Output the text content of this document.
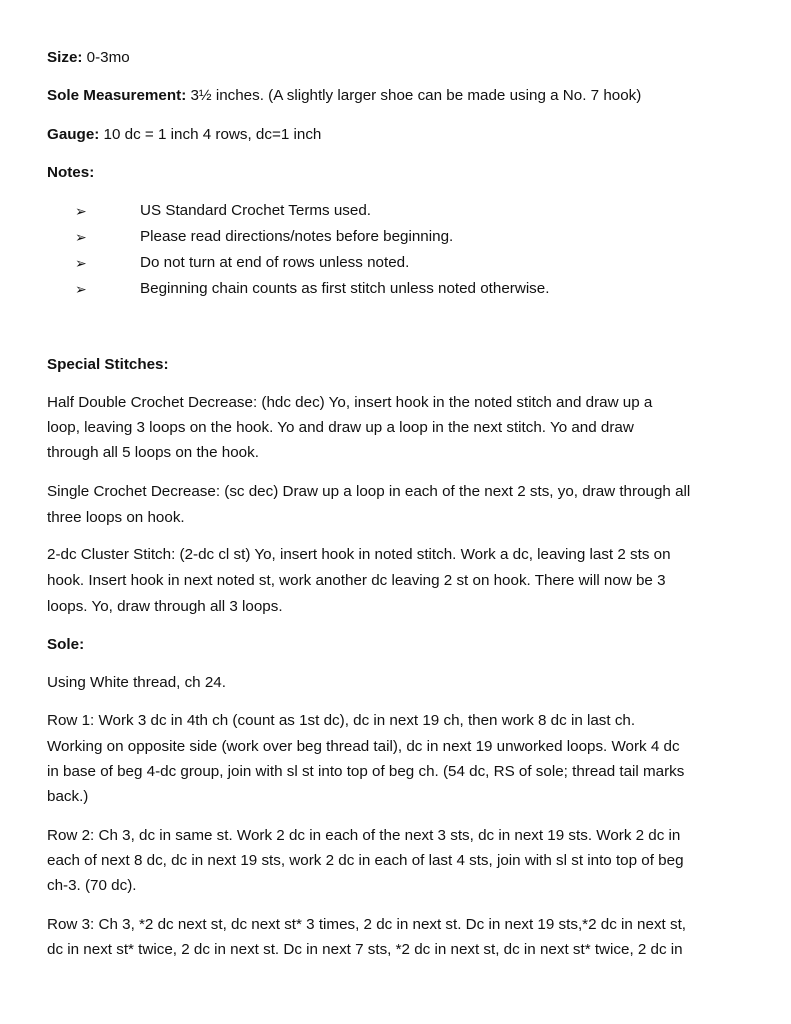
Size: 0-3mo
Sole Measurement: 3½ inches. (A slightly larger shoe can be made using a No. 7 hook)
Gauge: 10 dc = 1 inch 4 rows, dc=1 inch
Notes:
➢	US Standard Crochet Terms used.
➢	Please read directions/notes before beginning.
➢	Do not turn at end of rows unless noted.
➢	Beginning chain counts as first stitch unless noted otherwise.
Special Stitches:
Half Double Crochet Decrease: (hdc dec) Yo, insert hook in the noted stitch and draw up a
loop, leaving 3 loops on the hook. Yo and draw up a loop in the next stitch. Yo and draw
through all 5 loops on the hook.
Single Crochet Decrease: (sc dec) Draw up a loop in each of the next 2 sts, yo, draw through all
three loops on hook.
2-dc Cluster Stitch: (2-dc cl st) Yo, insert hook in noted stitch. Work a dc, leaving last 2 sts on
hook. Insert hook in next noted st, work another dc leaving 2 st on hook. There will now be 3
loops. Yo, draw through all 3 loops.
Sole:
Using White thread, ch 24.
Row 1: Work 3 dc in 4th ch (count as 1st dc), dc in next 19 ch, then work 8 dc in last ch.
Working on opposite side (work over beg thread tail), dc in next 19 unworked loops. Work 4 dc
in base of beg 4-dc group, join with sl st into top of beg ch. (54 dc, RS of sole; thread tail marks
back.)
Row 2: Ch 3, dc in same st. Work 2 dc in each of the next 3 sts, dc in next 19 sts. Work 2 dc in
each of next 8 dc, dc in next 19 sts, work 2 dc in each of last 4 sts, join with sl st into top of beg
ch-3. (70 dc).
Row 3: Ch 3, *2 dc next st, dc next st* 3 times, 2 dc in next st. Dc in next 19 sts,*2 dc in next st,
dc in next st* twice, 2 dc in next st. Dc in next 7 sts, *2 dc in next st, dc in next st* twice, 2 dc in
